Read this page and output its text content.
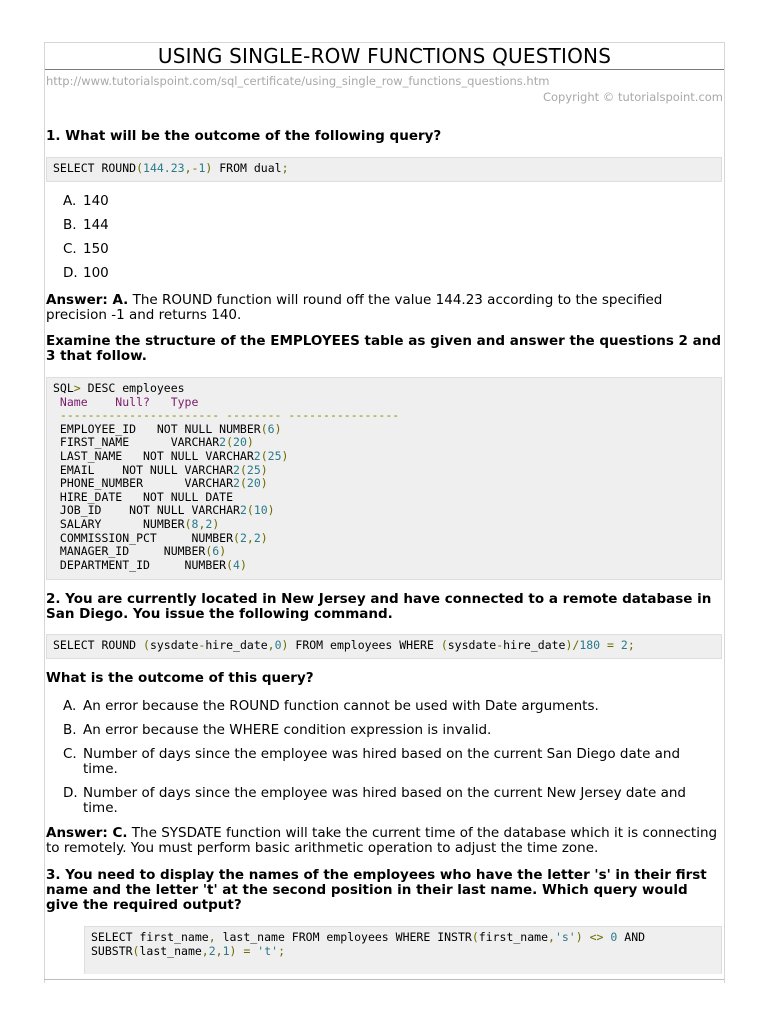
USING SINGLE-ROW FUNCTIONS QUESTIONS
http://www.tutorialspoint.com/sql_certificate/using_single_row_functions_questions.htm
Copyright © tutorialspoint.com
1. What will be the outcome of the following query?
SELECT ROUND(144.23,-1) FROM dual;
A. 140
B. 144
C. 150
D. 100
Answer: A. The ROUND function will round off the value 144.23 according to the specified precision -1 and returns 140.
Examine the structure of the EMPLOYEES table as given and answer the questions 2 and 3 that follow.
SQL> DESC employees
Name    Null?   Type
----------------------- -------- ----------------
EMPLOYEE_ID   NOT NULL NUMBER(6)
FIRST_NAME      VARCHAR2(20)
LAST_NAME   NOT NULL VARCHAR2(25)
EMAIL    NOT NULL VARCHAR2(25)
PHONE_NUMBER      VARCHAR2(20)
HIRE_DATE   NOT NULL DATE
JOB_ID    NOT NULL VARCHAR2(10)
SALARY      NUMBER(8,2)
COMMISSION_PCT     NUMBER(2,2)
MANAGER_ID     NUMBER(6)
DEPARTMENT_ID     NUMBER(4)
2. You are currently located in New Jersey and have connected to a remote database in San Diego. You issue the following command.
SELECT ROUND (sysdate-hire_date,0) FROM employees WHERE (sysdate-hire_date)/180 = 2;
What is the outcome of this query?
A. An error because the ROUND function cannot be used with Date arguments.
B. An error because the WHERE condition expression is invalid.
C. Number of days since the employee was hired based on the current San Diego date and time.
D. Number of days since the employee was hired based on the current New Jersey date and time.
Answer: C. The SYSDATE function will take the current time of the database which it is connecting to remotely. You must perform basic arithmetic operation to adjust the time zone.
3. You need to display the names of the employees who have the letter 's' in their first name and the letter 't' at the second position in their last name. Which query would give the required output?
SELECT first_name, last_name FROM employees WHERE INSTR(first_name,'s') <> 0 AND
SUBSTR(last_name,2,1) = 't';
